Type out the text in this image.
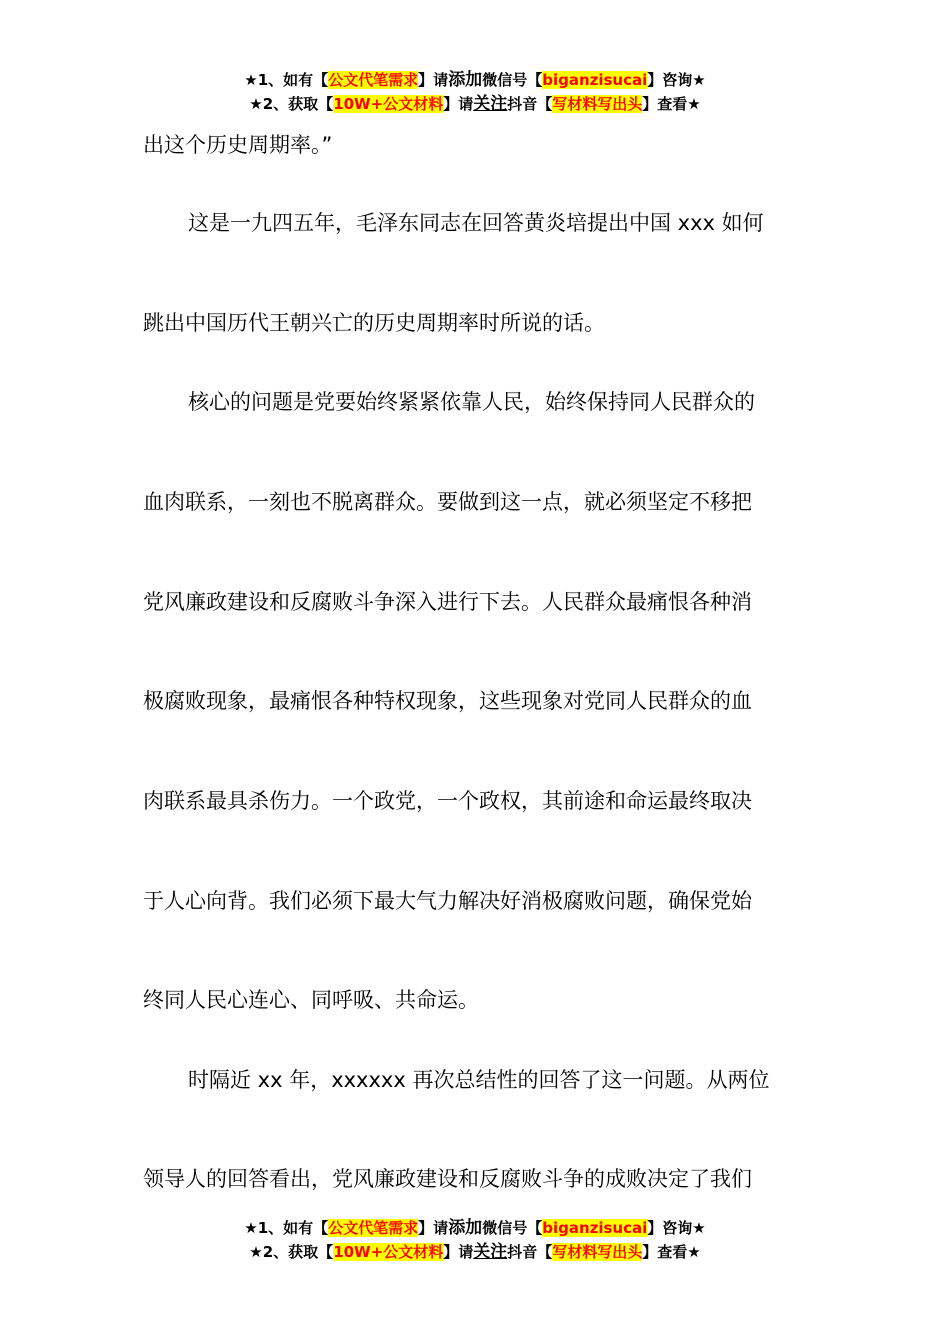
★1、如有【公文代笔需求】请添加微信号【biganzisucai】咨询★
★2、获取【10W+公文材料】请关注抖音【写材料写出头】查看★
出这个历史周期率。”
这是一九四五年，毛泽东同志在回答黄炎培提出中国 xxx 如何
跳出中国历代王朝兴亡的历史周期率时所说的话。
核心的问题是党要始终紧紧依靠人民，始终保持同人民群众的
血肉联系，一刻也不脱离群众。要做到这一点，就必须坚定不移把
党风廉政建设和反腐败斗争深入进行下去。人民群众最痛恨各种消
极腐败现象，最痛恨各种特权现象，这些现象对党同人民群众的血
肉联系最具杀伤力。一个政党，一个政权，其前途和命运最终取决
于人心向背。我们必须下最大气力解决好消极腐败问题，确保党始
终同人民心连心、同呼吸、共命运。
时隔近 xx 年，xxxxxx 再次总结性的回答了这一问题。从两位
领导人的回答看出，党风廉政建设和反腐败斗争的成败决定了我们
★1、如有【公文代笔需求】请添加微信号【biganzisucai】咨询★
★2、获取【10W+公文材料】请关注抖音【写材料写出头】查看★
